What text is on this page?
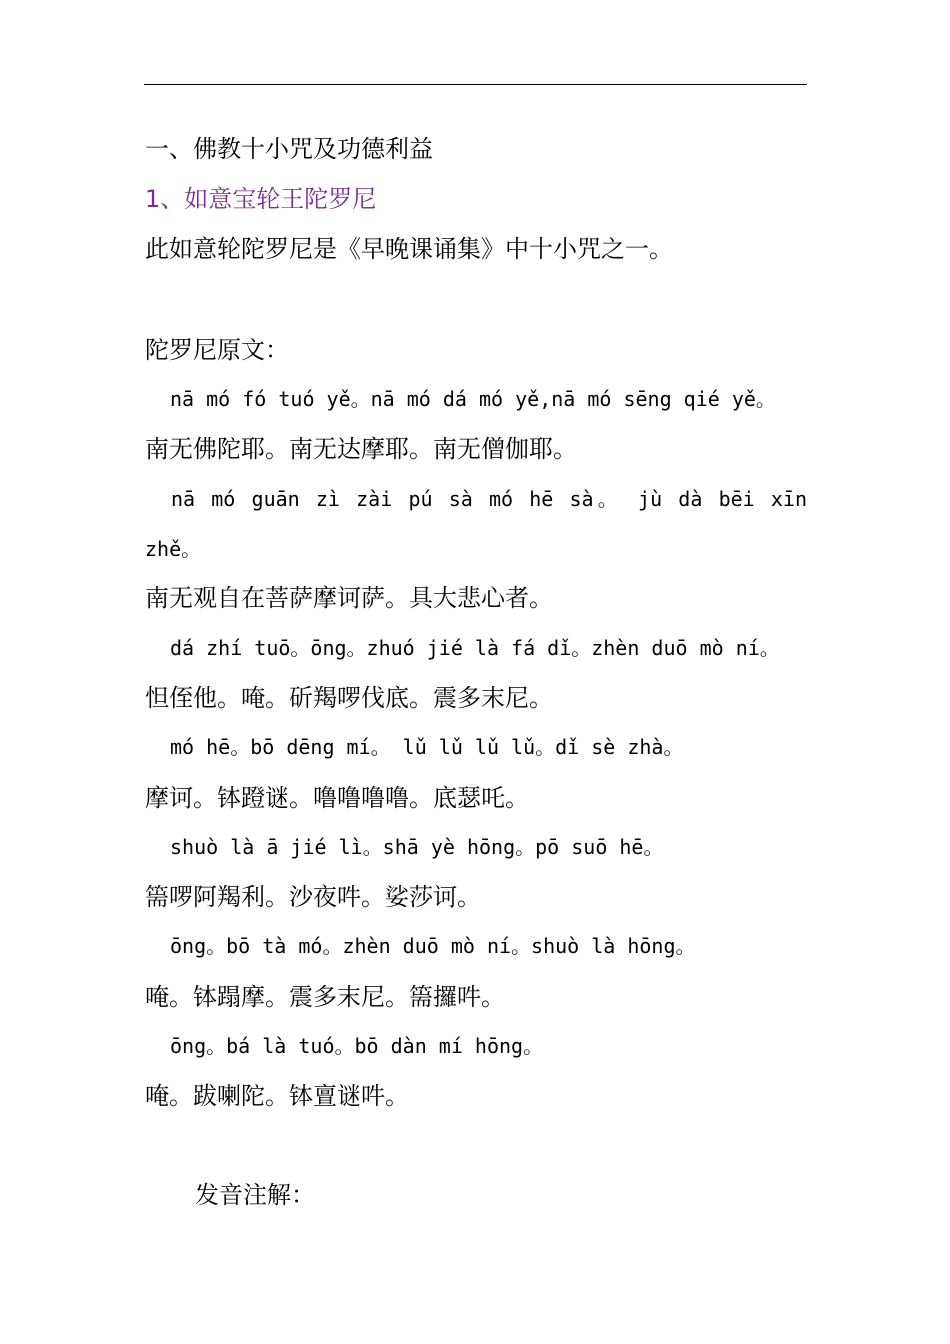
一、佛教十小咒及功德利益
1、如意宝轮王陀罗尼
此如意轮陀罗尼是《早晚课诵集》中十小咒之一。
陀罗尼原文：
nā mó fó tuó yě。nā mó dá mó yě,nā mó sēng qié yě。
南无佛陀耶。南无达摩耶。南无僧伽耶。
nā mó guān zì zài pú sà mó hē sà。 jù dà bēi xīn zhě。
南无观自在菩萨摩诃萨。具大悲心者。
dá zhí tuō。ōng。zhuó jié là fá dǐ。zhèn duō mò ní。
怛侄他。唵。斫羯啰伐底。震多末尼。
mó hē。bō dēng mí。 lǔ lǔ lǔ lǔ。dǐ sè zhà。
摩诃。钵蹬谜。噜噜噜噜。底瑟吒。
shuò là ā jié lì。shā yè hōng。pō suō hē。
篅啰阿羯利。沙夜吽。娑莎诃。
ōng。bō tà mó。zhèn duō mò ní。shuò là hōng。
唵。钵蹋摩。震多末尼。篅攞吽。
ōng。bá là tuó。bō dàn mí hōng。
唵。跋喇陀。钵亶谜吽。
发音注解：
